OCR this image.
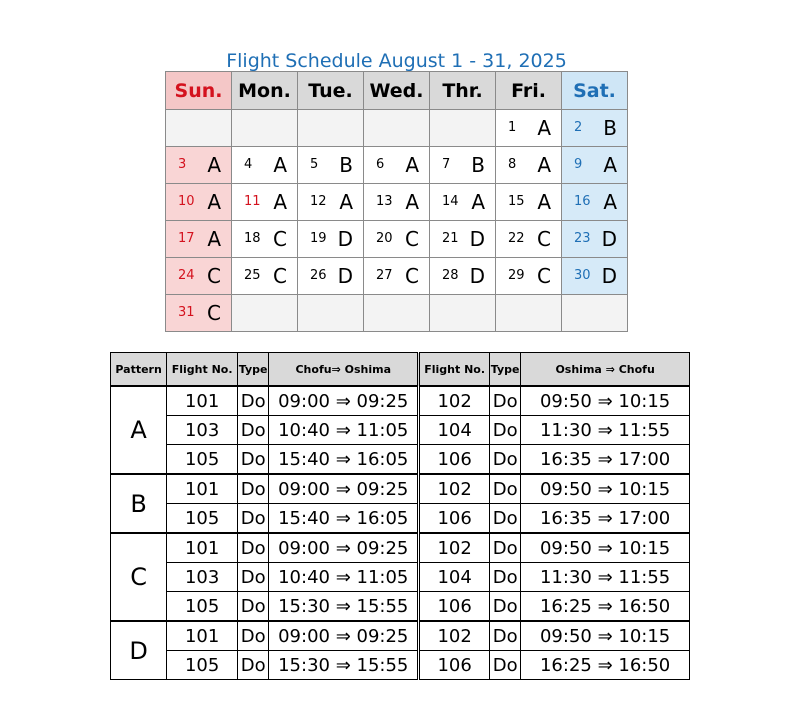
Flight Schedule August 1 - 31, 2025
Sun.	Mon.	Tue.	Wed.	Thr.	Fri.	Sat.

					1 A	2 B

3 A	4 A	5 B	6 A	7 B	8 A	9 A

10 A	11 A	12 A	13 A	14 A	15 A	16 A

17 A	18 C	19 D	20 C	21 D	22 C	23 D

24 C	25 C	26 D	27 C	28 D	29 C	30 D

31 C						

Pattern	Flight No.	Type	Chofu⇒ Oshima	Flight No.	Type	Oshima ⇒ Chofu
A	101	Do	09:00 ⇒ 09:25	102	Do	09:50 ⇒ 10:15
	103	Do	10:40 ⇒ 11:05	104	Do	11:30 ⇒ 11:55
	105	Do	15:40 ⇒ 16:05	106	Do	16:35 ⇒ 17:00
B	101	Do	09:00 ⇒ 09:25	102	Do	09:50 ⇒ 10:15
	105	Do	15:40 ⇒ 16:05	106	Do	16:35 ⇒ 17:00
C	101	Do	09:00 ⇒ 09:25	102	Do	09:50 ⇒ 10:15
	103	Do	10:40 ⇒ 11:05	104	Do	11:30 ⇒ 11:55
	105	Do	15:30 ⇒ 15:55	106	Do	16:25 ⇒ 16:50
D	101	Do	09:00 ⇒ 09:25	102	Do	09:50 ⇒ 10:15
	105	Do	15:30 ⇒ 15:55	106	Do	16:25 ⇒ 16:50
